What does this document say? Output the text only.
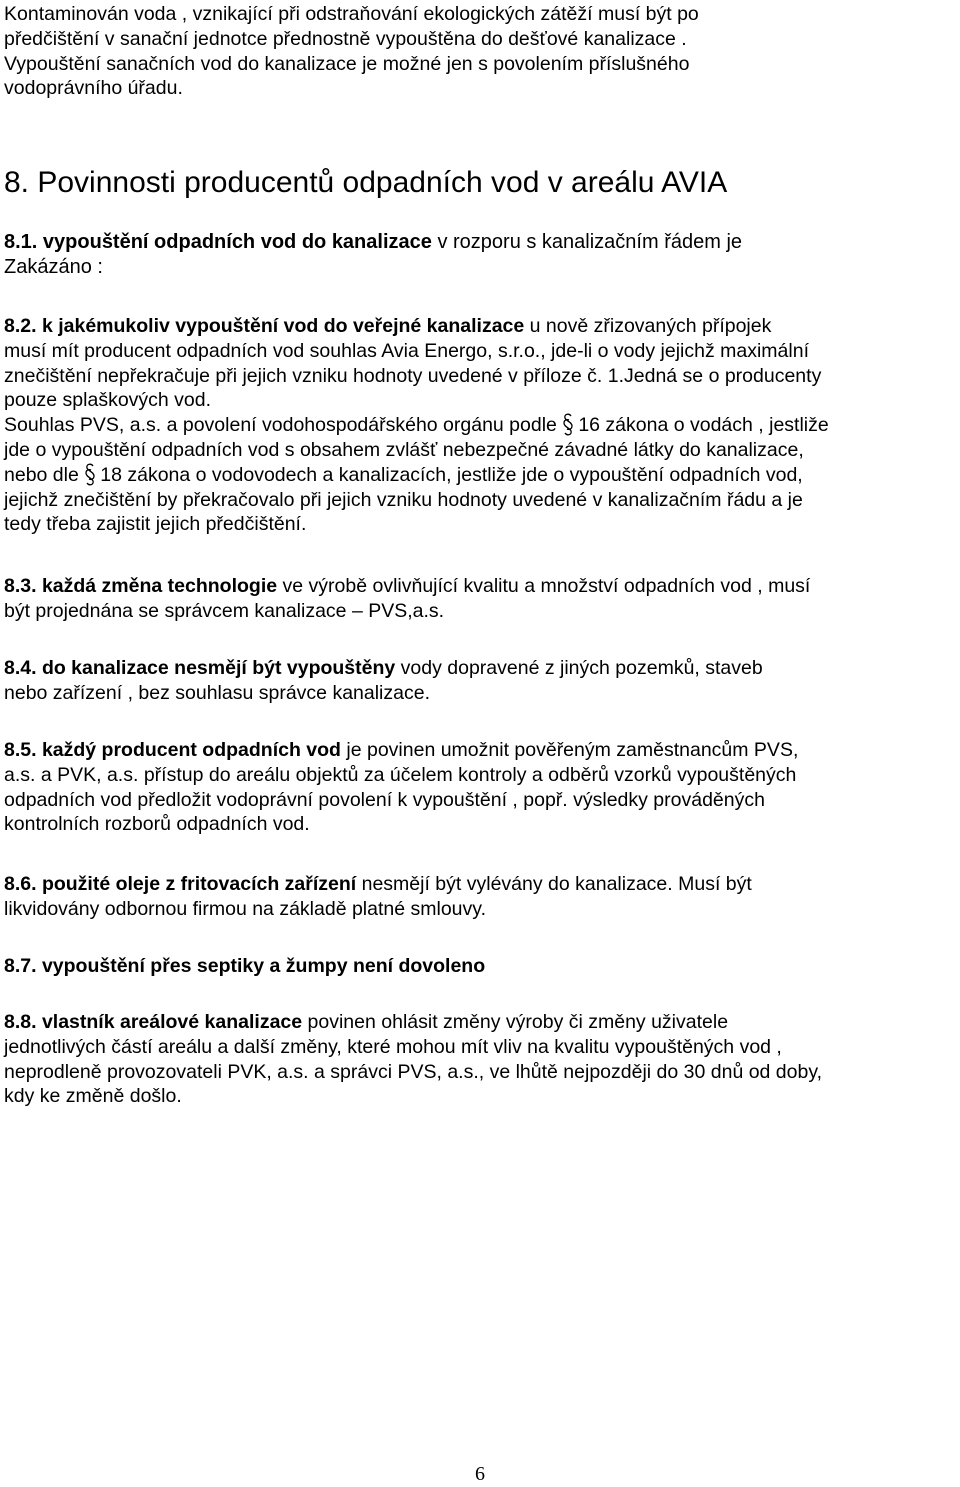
Kontaminován voda , vznikající při odstraňování ekologických zátěží musí být po
předčištění v sanační jednotce přednostně vypouštěna do dešťové kanalizace .
Vypouštění sanačních vod do kanalizace je možné jen s povolením příslušného
vodoprávního úřadu.

8. Povinnosti producentů odpadních vod v areálu AVIA

8.1. vypouštění odpadních vod do kanalizace v rozporu s kanalizačním řádem je
Zakázáno :

8.2. k jakémukoliv vypouštění vod do veřejné kanalizace u nově zřizovaných přípojek
musí mít producent odpadních vod souhlas Avia Energo, s.r.o., jde-li o vody jejichž maximální
znečištění nepřekračuje při jejich vzniku hodnoty uvedené v příloze č. 1.Jedná se o producenty
pouze splaškových vod.
Souhlas PVS, a.s. a povolení vodohospodářského orgánu podle 16 zákona o vodách , jestliže
jde o vypouštění odpadních vod s obsahem zvlášť nebezpečné závadné látky do kanalizace,
nebo dle 18 zákona o vodovodech a kanalizacích, jestliže jde o vypouštění odpadních vod,
jejichž znečištění by překračovalo při jejich vzniku hodnoty uvedené v kanalizačním řádu a je
tedy třeba zajistit jejich předčištění.

8.3. každá změna technologie ve výrobě ovlivňující kvalitu a množství odpadních vod , musí
být projednána se správcem kanalizace – PVS,a.s.

8.4. do kanalizace nesmějí být vypouštěny vody dopravené z jiných pozemků, staveb
nebo zařízení , bez souhlasu správce kanalizace.

8.5. každý producent odpadních vod je povinen umožnit pověřeným zaměstnancům PVS,
a.s. a PVK, a.s. přístup do areálu objektů za účelem kontroly a odběrů vzorků vypouštěných
odpadních vod předložit vodoprávní povolení k vypouštění , popř. výsledky prováděných
kontrolních rozborů odpadních vod.

8.6. použité oleje z fritovacích zařízení nesmějí být vylévány do kanalizace. Musí být
likvidovány odbornou firmou na základě platné smlouvy.

8.7. vypouštění přes septiky a žumpy není dovoleno

8.8. vlastník areálové kanalizace povinen ohlásit změny výroby či změny uživatele
jednotlivých částí areálu a další změny, které mohou mít vliv na kvalitu vypouštěných vod ,
neprodleně provozovateli PVK, a.s. a správci PVS, a.s., ve lhůtě nejpozději do 30 dnů od doby,
kdy ke změně došlo.

6
